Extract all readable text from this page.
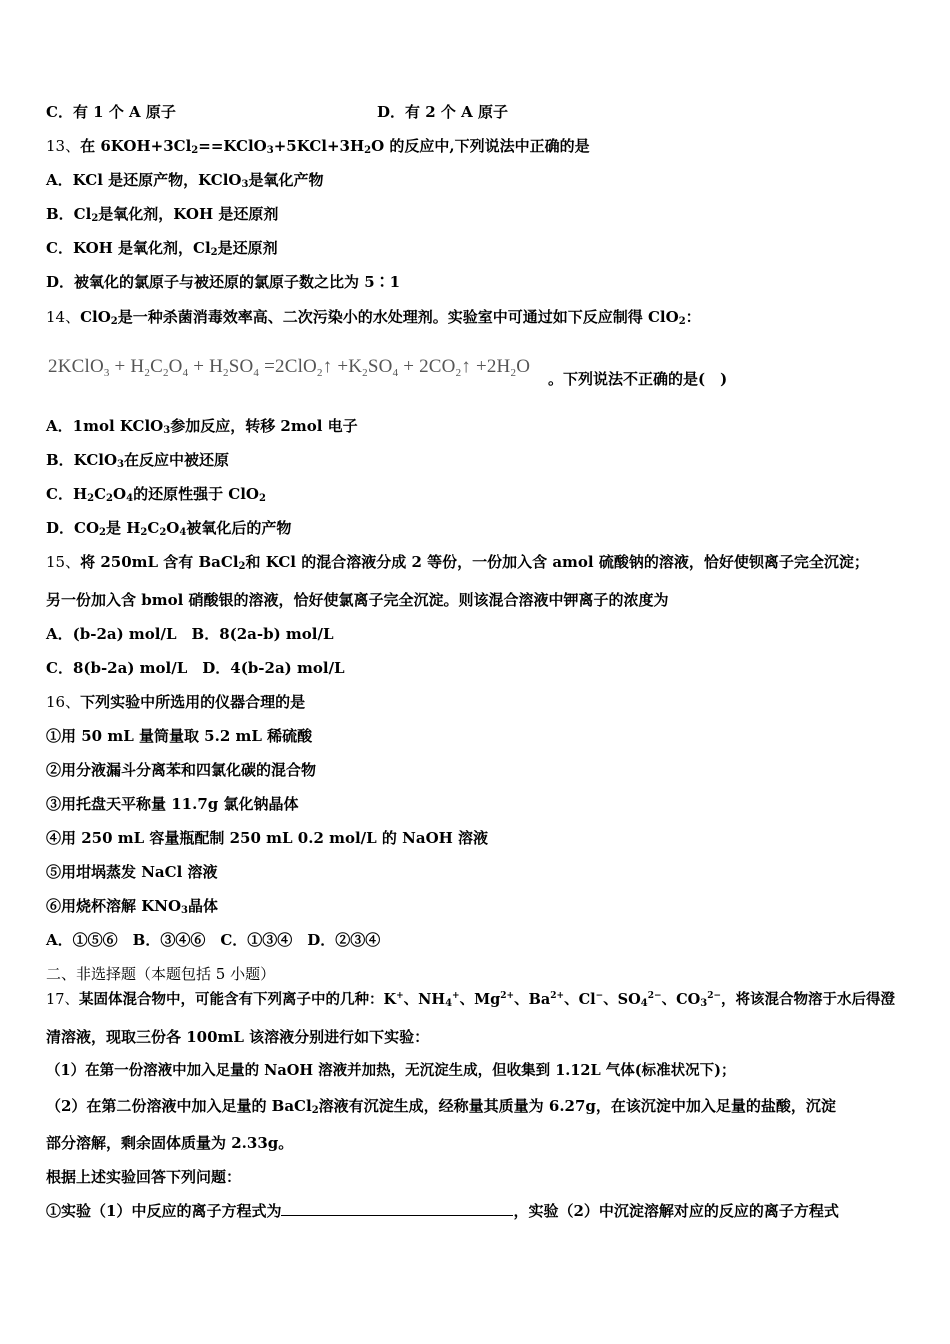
C．有 1 个 A 原子	D．有 2 个 A 原子
13、在 $6KOH+3Cl_2==KClO_3+5KCl+3H_2O$ 的反应中,下列说法中正确的是
A．KCl 是还原产物，KClO$_3$是氧化产物
B．$Cl_2$是氧化剂，KOH 是还原剂
C．KOH 是氧化剂，$Cl_2$是还原剂
D．被氧化的氯原子与被还原的氯原子数之比为 5∶1
14、ClO$_2$是一种杀菌消毒效率高、二次污染小的水处理剂。实验室中可通过如下反应制得 ClO$_2$：
2KClO$_3$ + $H_2C_2O_4 + H_2SO_4$ =2ClO$_2$↑ $+K_2SO_4$ + $2CO_2↑ +2H_2O$
。下列说法不正确的是(　)
A．1mol KClO$_3$参加反应，转移 2mol 电子
B．KClO$_3$在反应中被还原
C．$H_2C_2O_4$的还原性强于 ClO$_2$
D．$CO_2$是 $H_2C_2O_4$被氧化后的产物
15、将 250mL 含有 BaCl$_2$和 KCl 的混合溶液分成 2 等份，一份加入含 amol 硫酸钠的溶液，恰好使钡离子完全沉淀；
另一份加入含 bmol 硝酸银的溶液，恰好使氯离子完全沉淀。则该混合溶液中钾离子的浓度为
A．(b-2a) mol/L　B．8(2a-b) mol/L
C．8(b-2a) mol/L　D．4(b-2a) mol/L
16、下列实验中所选用的仪器合理的是
①用 50 mL 量筒量取 5.2 mL 稀硫酸
②用分液漏斗分离苯和四氯化碳的混合物
③用托盘天平称量 11.7g 氯化钠晶体
④用 250 mL 容量瓶配制 250 mL 0.2 mol/L 的 NaOH 溶液
⑤用坩埚蒸发 NaCl 溶液
⑥用烧杯溶解 $KNO_3$晶体
A．①⑤⑥　B．③④⑥　C．①③④　D．②③④
二、非选择题（本题包括 5 小题）
17、某固体混合物中，可能含有下列离子中的几种：K+、$NH_4^+$、$Mg^{2+}$、$Ba^{2+}$、Cl−、$SO_4^{2-}$、$CO_3^{2-}$，将该混合物溶于水后得澄
清溶液，现取三份各 100mL 该溶液分别进行如下实验：
（1）在第一份溶液中加入足量的 NaOH 溶液并加热，无沉淀生成，但收集到 1.12L 气体(标准状况下)；
（2）在第二份溶液中加入足量的 BaCl$_2$溶液有沉淀生成，经称量其质量为 6.27g，在该沉淀中加入足量的盐酸，沉淀
部分溶解，剩余固体质量为 2.33g。
根据上述实验回答下列问题：
①实验（1）中反应的离子方程式为	，实验（2）中沉淀溶解对应的反应的离子方程式
